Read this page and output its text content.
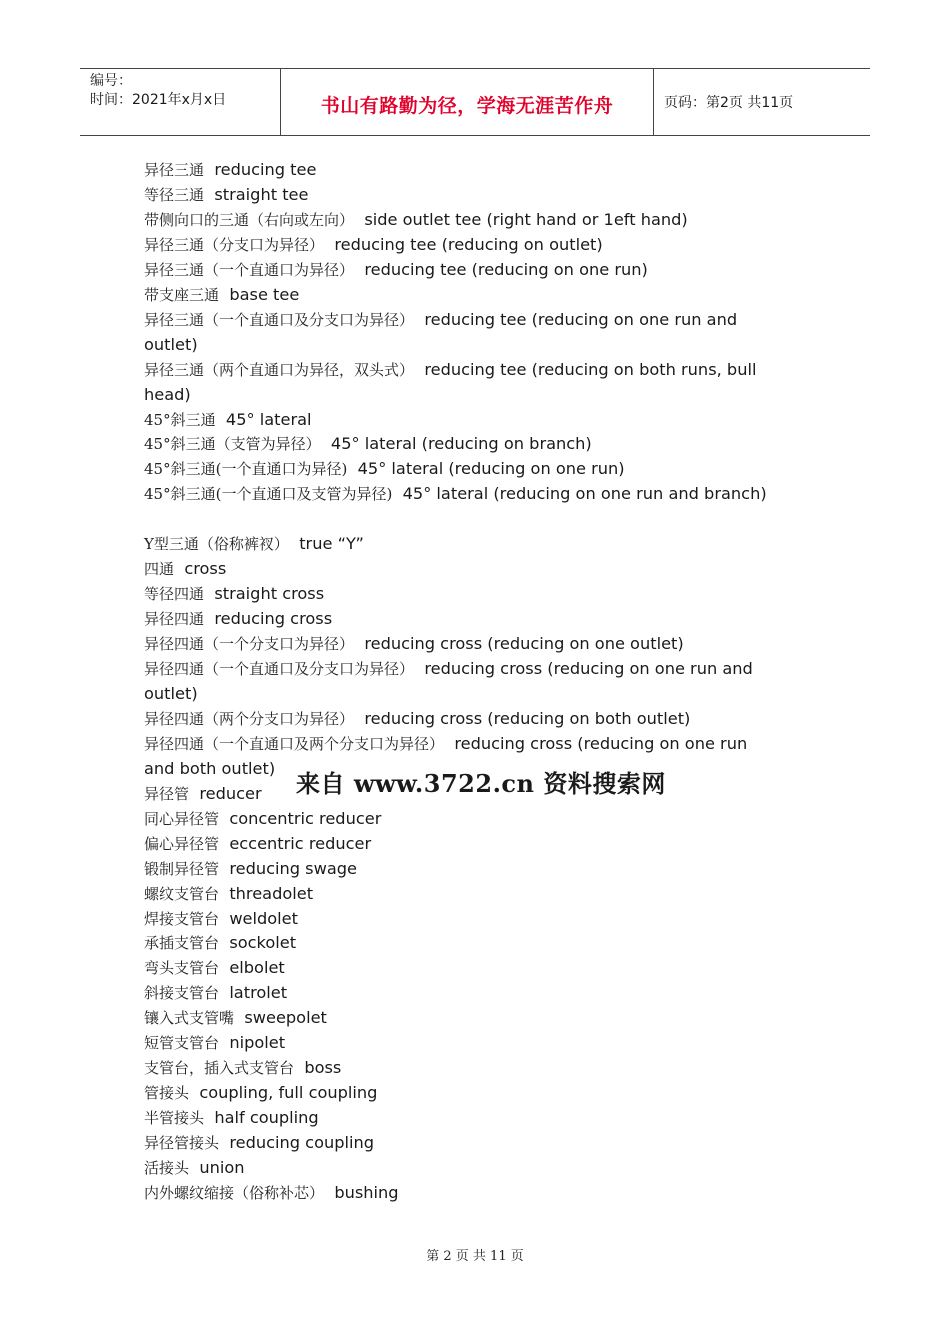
编号：
时间：2021年x月x日	书山有路勤为径，学海无涯苦作舟	页码：第2页 共11页
异径三通 reducing tee
等径三通 straight tee
带侧向口的三通（右向或左向） side outlet tee (right hand or 1eft hand)
异径三通（分支口为异径） reducing tee (reducing on outlet)
异径三通（一个直通口为异径） reducing tee (reducing on one run)
带支座三通 base tee
异径三通（一个直通口及分支口为异径） reducing tee (reducing on one run and
outlet)
异径三通（两个直通口为异径，双头式） reducing tee (reducing on both runs, bull
head)
45°斜三通 45° lateral
45°斜三通（支管为异径） 45° lateral (reducing on branch)
45°斜三通(一个直通口为异径) 45° lateral (reducing on one run)
45°斜三通(一个直通口及支管为异径) 45° lateral (reducing on one run and branch)
Y型三通（俗称裤衩） true “Y”
四通 cross
等径四通 straight cross
异径四通 reducing cross
异径四通（一个分支口为异径） reducing cross (reducing on one outlet)
异径四通（一个直通口及分支口为异径） reducing cross (reducing on one run and
outlet)
异径四通（两个分支口为异径） reducing cross (reducing on both outlet)
异径四通（一个直通口及两个分支口为异径） reducing cross (reducing on one run
and both outlet)
异径管 reducer
同心异径管 concentric reducer
偏心异径管 eccentric reducer
锻制异径管 reducing swage
螺纹支管台 threadolet
焊接支管台 weldolet
承插支管台 sockolet
弯头支管台 elbolet
斜接支管台 latrolet
镶入式支管嘴 sweepolet
短管支管台 nipolet
支管台，插入式支管台 boss
管接头 coupling, full coupling
半管接头 half coupling
异径管接头 reducing coupling
活接头 union
内外螺纹缩接（俗称补芯） bushing
来自 www.3722.cn 资料搜索网
第 2 页 共 11 页
